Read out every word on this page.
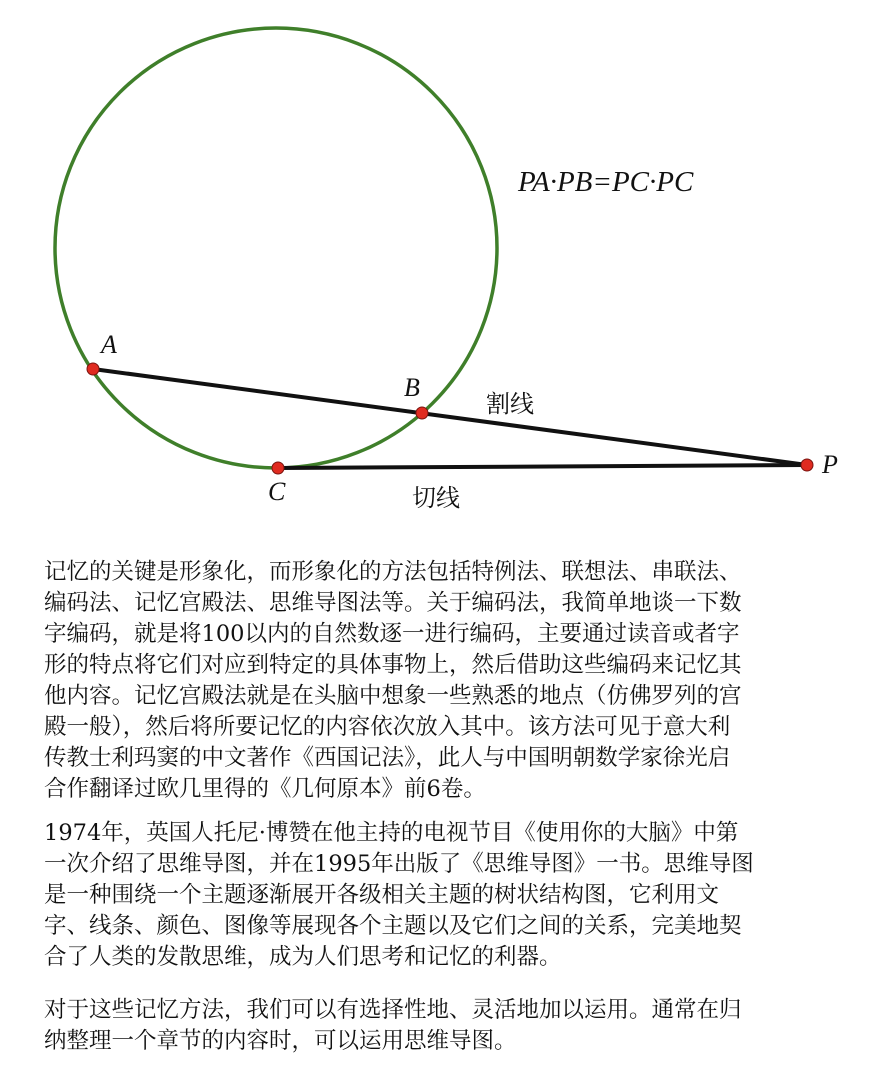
PA·PB=PC·PC
A
B
C
P
割线
切线

记忆的关键是形象化，而形象化的方法包括特例法、联想法、串联法、
编码法、记忆宫殿法、思维导图法等。关于编码法，我简单地谈一下数
字编码，就是将100以内的自然数逐一进行编码，主要通过读音或者字
形的特点将它们对应到特定的具体事物上，然后借助这些编码来记忆其
他内容。记忆宫殿法就是在头脑中想象一些熟悉的地点（仿佛罗列的宫
殿一般），然后将所要记忆的内容依次放入其中。该方法可见于意大利
传教士利玛窦的中文著作《西国记法》，此人与中国明朝数学家徐光启
合作翻译过欧几里得的《几何原本》前6卷。

1974年，英国人托尼·博赞在他主持的电视节目《使用你的大脑》中第
一次介绍了思维导图，并在1995年出版了《思维导图》一书。思维导图
是一种围绕一个主题逐渐展开各级相关主题的树状结构图，它利用文
字、线条、颜色、图像等展现各个主题以及它们之间的关系，完美地契
合了人类的发散思维，成为人们思考和记忆的利器。

对于这些记忆方法，我们可以有选择性地、灵活地加以运用。通常在归
纳整理一个章节的内容时，可以运用思维导图。
